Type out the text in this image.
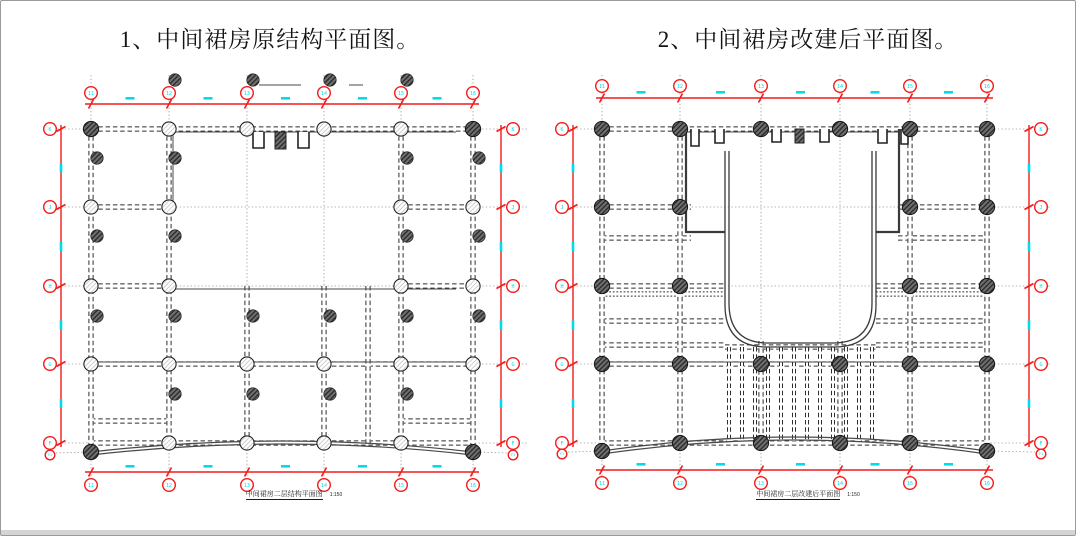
11	12	13	14	15	16
11	12	13	14	15	16
K
J
H
G
F
F1
K
J
H
G
F
F1
1、中间裙房原结构平面图。
中间裙房二层结构平面图 $^{1:150}$
11	12	13	14	15	16
11	12	13	14	15	16
K
J
H
G
F
F1
K
J
H
G
F
F1
2、中间裙房改建后平面图。
中间裙房二层改建后平面图 $^{1:150}$
